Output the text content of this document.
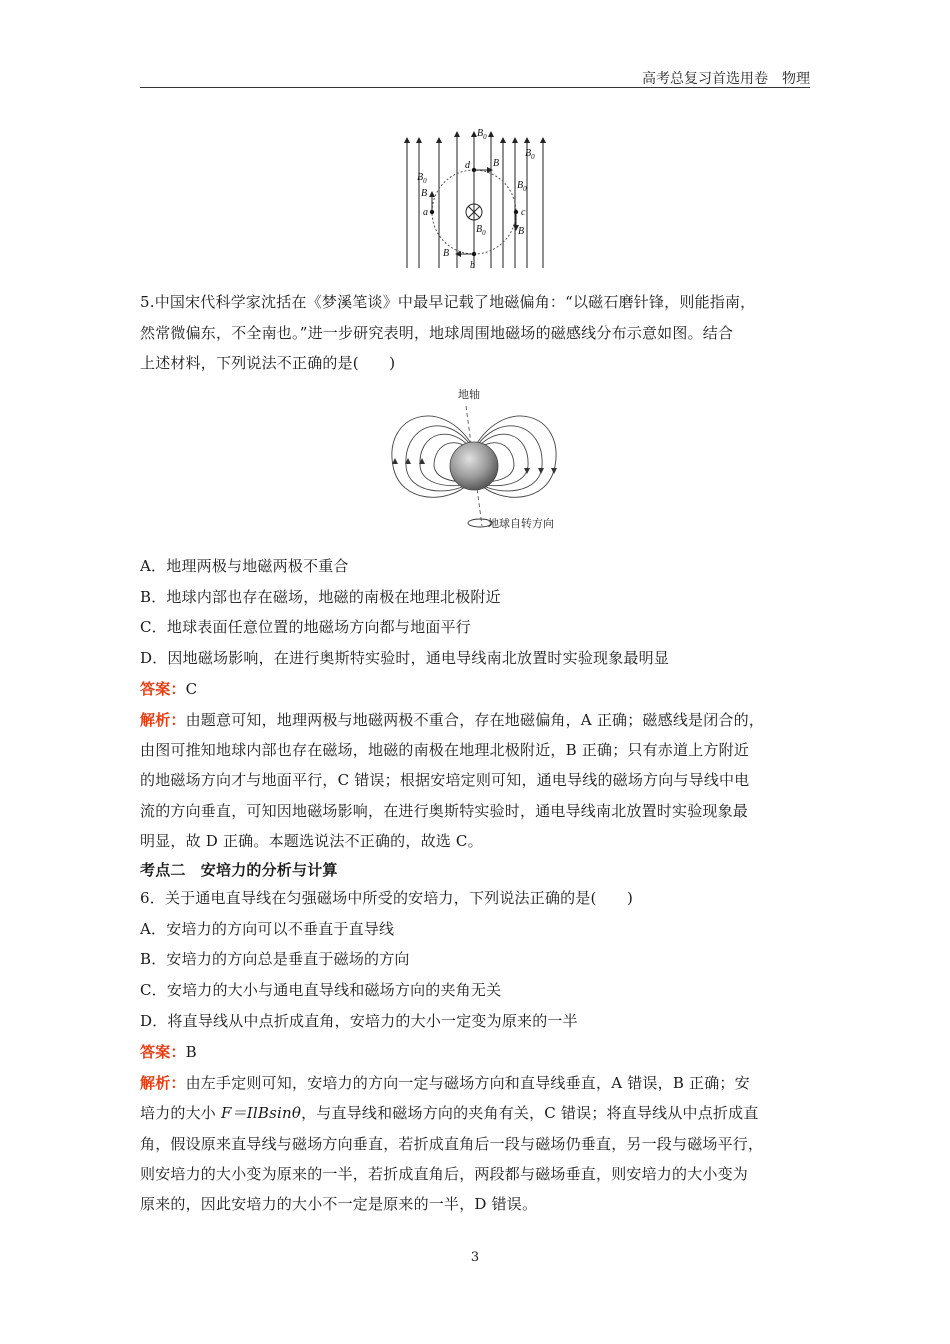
高考总复习首选用卷　物理
$B_0$
$B_0$
$B_0$	$B_0$
$B_0$
B
B
B
B
a	c
d
b
5.中国宋代科学家沈括在《梦溪笔谈》中最早记载了地磁偏角：“以磁石磨针锋，则能指南，
然常微偏东，不全南也。”进一步研究表明，地球周围地磁场的磁感线分布示意如图。结合
上述材料，下列说法不正确的是(　　)
地轴
地球自转方向
A．地理两极与地磁两极不重合
B．地球内部也存在磁场，地磁的南极在地理北极附近
C．地球表面任意位置的地磁场方向都与地面平行
D．因地磁场影响，在进行奥斯特实验时，通电导线南北放置时实验现象最明显
答案：C
解析：由题意可知，地理两极与地磁两极不重合，存在地磁偏角，A 正确；磁感线是闭合的，
由图可推知地球内部也存在磁场，地磁的南极在地理北极附近，B 正确；只有赤道上方附近
的地磁场方向才与地面平行，C 错误；根据安培定则可知，通电导线的磁场方向与导线中电
流的方向垂直，可知因地磁场影响，在进行奥斯特实验时，通电导线南北放置时实验现象最
明显，故 D 正确。本题选说法不正确的，故选 C。
考点二　安培力的分析与计算
6．关于通电直导线在匀强磁场中所受的安培力，下列说法正确的是(　　)
A．安培力的方向可以不垂直于直导线
B．安培力的方向总是垂直于磁场的方向
C．安培力的大小与通电直导线和磁场方向的夹角无关
D．将直导线从中点折成直角，安培力的大小一定变为原来的一半
答案：B
解析：由左手定则可知，安培力的方向一定与磁场方向和直导线垂直，A 错误，B 正确；安
培力的大小 F＝IlBsinθ，与直导线和磁场方向的夹角有关，C 错误；将直导线从中点折成直
角，假设原来直导线与磁场方向垂直，若折成直角后一段与磁场仍垂直，另一段与磁场平行，
则安培力的大小变为原来的一半，若折成直角后，两段都与磁场垂直，则安培力的大小变为
原来的，因此安培力的大小不一定是原来的一半，D 错误。
3
